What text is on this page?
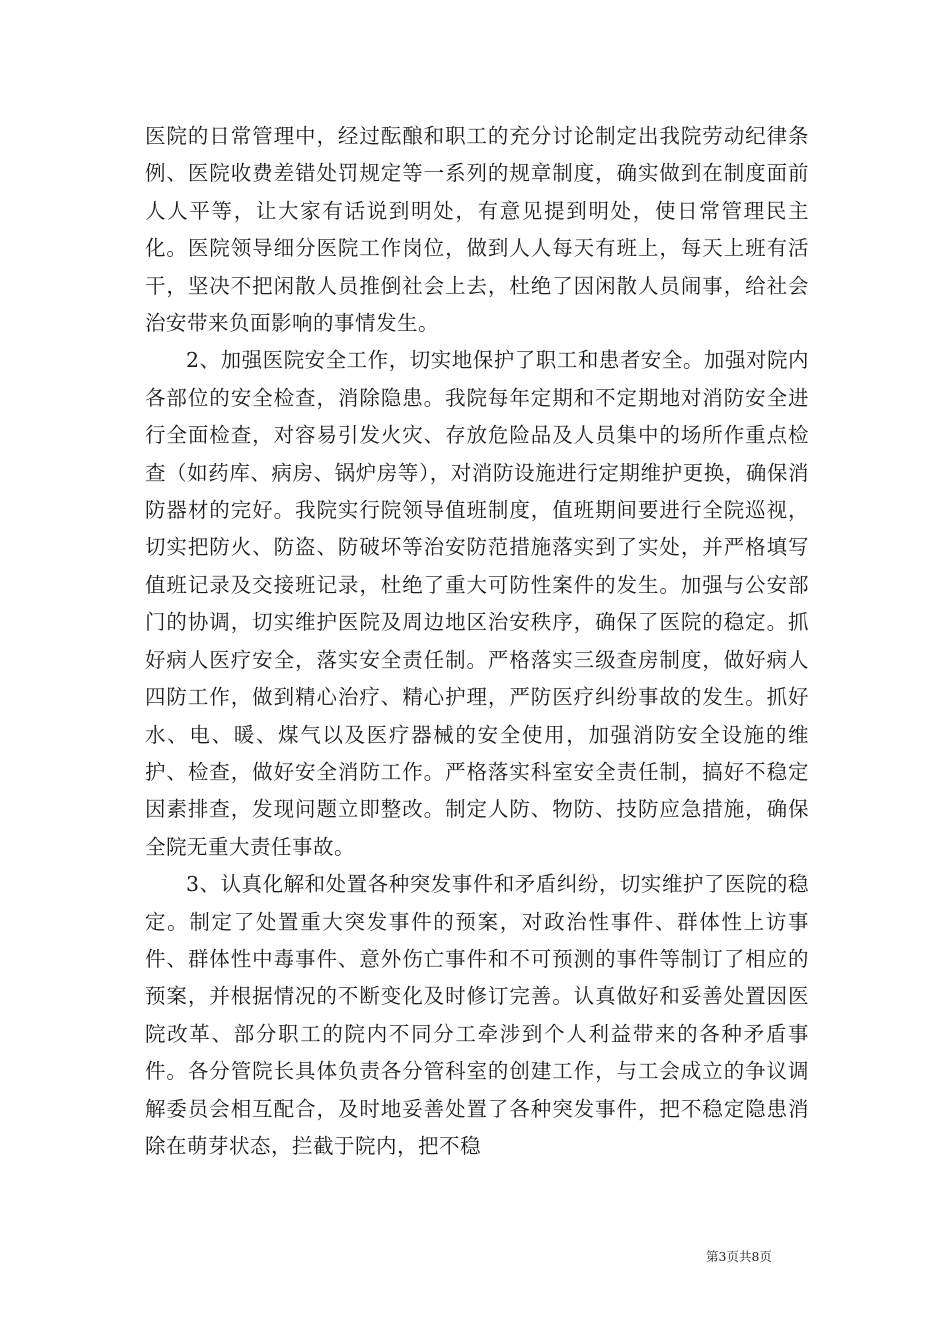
医院的日常管理中，经过酝酿和职工的充分讨论制定出我院劳动纪律条例、医院收费差错处罚规定等一系列的规章制度，确实做到在制度面前人人平等，让大家有话说到明处，有意见提到明处，使日常管理民主化。医院领导细分医院工作岗位，做到人人每天有班上，每天上班有活干，坚决不把闲散人员推倒社会上去，杜绝了因闲散人员闹事，给社会治安带来负面影响的事情发生。

2、加强医院安全工作，切实地保护了职工和患者安全。加强对院内各部位的安全检查，消除隐患。我院每年定期和不定期地对消防安全进行全面检查，对容易引发火灾、存放危险品及人员集中的场所作重点检查（如药库、病房、锅炉房等），对消防设施进行定期维护更换，确保消防器材的完好。我院实行院领导值班制度，值班期间要进行全院巡视，切实把防火、防盗、防破坏等治安防范措施落实到了实处，并严格填写值班记录及交接班记录，杜绝了重大可防性案件的发生。加强与公安部门的协调，切实维护医院及周边地区治安秩序，确保了医院的稳定。抓好病人医疗安全，落实安全责任制。严格落实三级查房制度，做好病人四防工作，做到精心治疗、精心护理，严防医疗纠纷事故的发生。抓好水、电、暖、煤气以及医疗器械的安全使用，加强消防安全设施的维护、检查，做好安全消防工作。严格落实科室安全责任制，搞好不稳定因素排查，发现问题立即整改。制定人防、物防、技防应急措施，确保全院无重大责任事故。

3、认真化解和处置各种突发事件和矛盾纠纷，切实维护了医院的稳定。制定了处置重大突发事件的预案，对政治性事件、群体性上访事件、群体性中毒事件、意外伤亡事件和不可预测的事件等制订了相应的预案，并根据情况的不断变化及时修订完善。认真做好和妥善处置因医院改革、部分职工的院内不同分工牵涉到个人利益带来的各种矛盾事件。各分管院长具体负责各分管科室的创建工作，与工会成立的争议调解委员会相互配合，及时地妥善处置了各种突发事件，把不稳定隐患消除在萌芽状态，拦截于院内，把不稳

第3页共8页
